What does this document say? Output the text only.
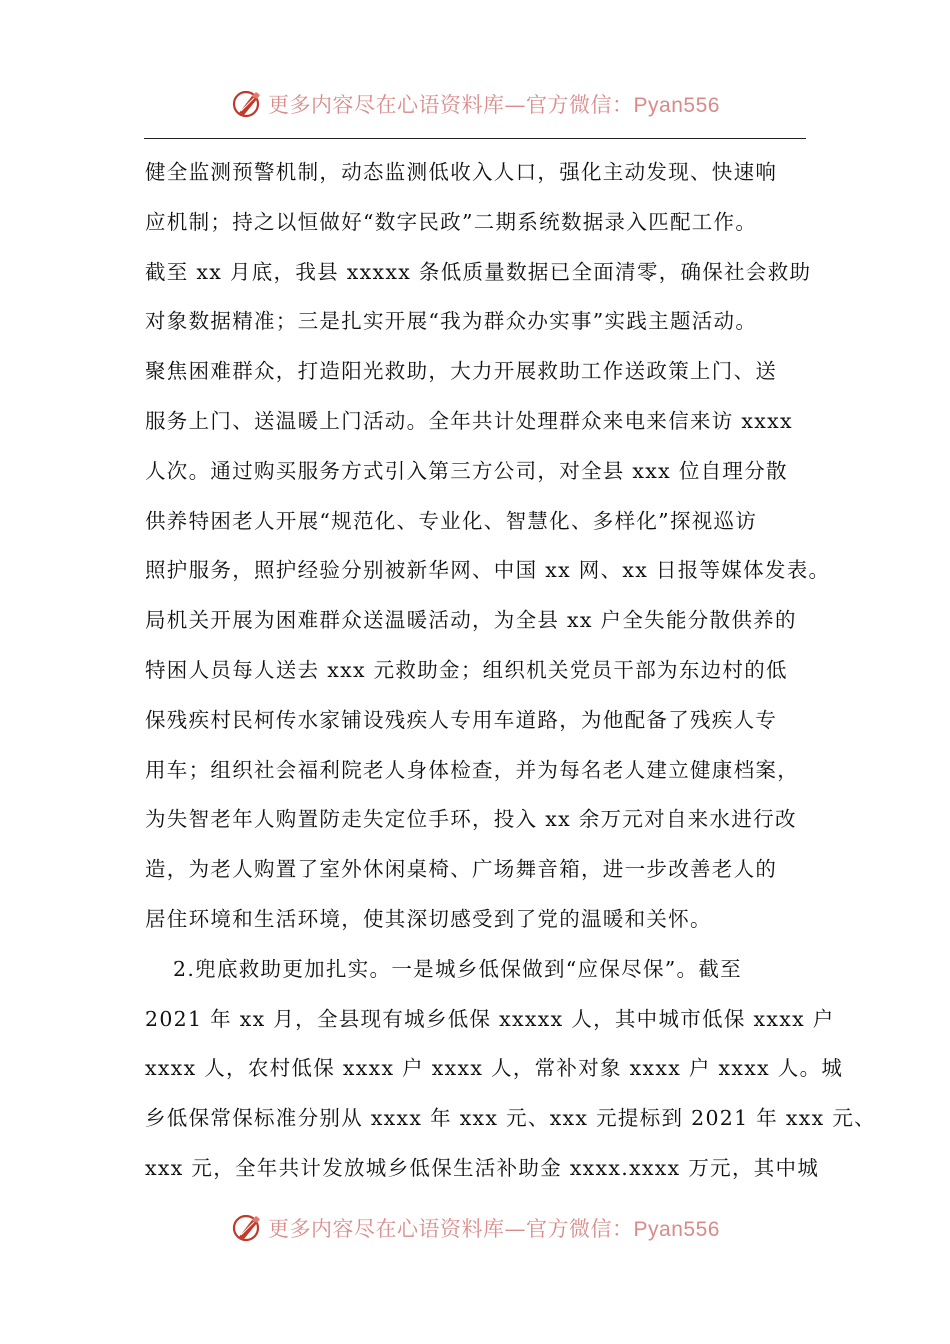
更多内容尽在心语资料库—官方微信：Pyan556
健全监测预警机制，动态监测低收入人口，强化主动发现、快速响
应机制；持之以恒做好“数字民政”二期系统数据录入匹配工作。
截至 xx 月底，我县 xxxxx 条低质量数据已全面清零，确保社会救助
对象数据精准；三是扎实开展“我为群众办实事”实践主题活动。
聚焦困难群众，打造阳光救助，大力开展救助工作送政策上门、送
服务上门、送温暖上门活动。全年共计处理群众来电来信来访 xxxx
人次。通过购买服务方式引入第三方公司，对全县 xxx 位自理分散
供养特困老人开展“规范化、专业化、智慧化、多样化”探视巡访
照护服务，照护经验分别被新华网、中国 xx 网、xx 日报等媒体发表。
局机关开展为困难群众送温暖活动，为全县 xx 户全失能分散供养的
特困人员每人送去 xxx 元救助金；组织机关党员干部为东边村的低
保残疾村民柯传水家铺设残疾人专用车道路，为他配备了残疾人专
用车；组织社会福利院老人身体检查，并为每名老人建立健康档案，
为失智老年人购置防走失定位手环，投入 xx 余万元对自来水进行改
造，为老人购置了室外休闲桌椅、广场舞音箱，进一步改善老人的
居住环境和生活环境，使其深切感受到了党的温暖和关怀。
2.兜底救助更加扎实。一是城乡低保做到“应保尽保”。截至
2021 年 xx 月，全县现有城乡低保 xxxxx 人，其中城市低保 xxxx 户
xxxx 人，农村低保 xxxx 户 xxxx 人，常补对象 xxxx 户 xxxx 人。城
乡低保常保标准分别从 xxxx 年 xxx 元、xxx 元提标到 2021 年 xxx 元、
xxx 元，全年共计发放城乡低保生活补助金 xxxx.xxxx 万元，其中城
更多内容尽在心语资料库—官方微信：Pyan556
